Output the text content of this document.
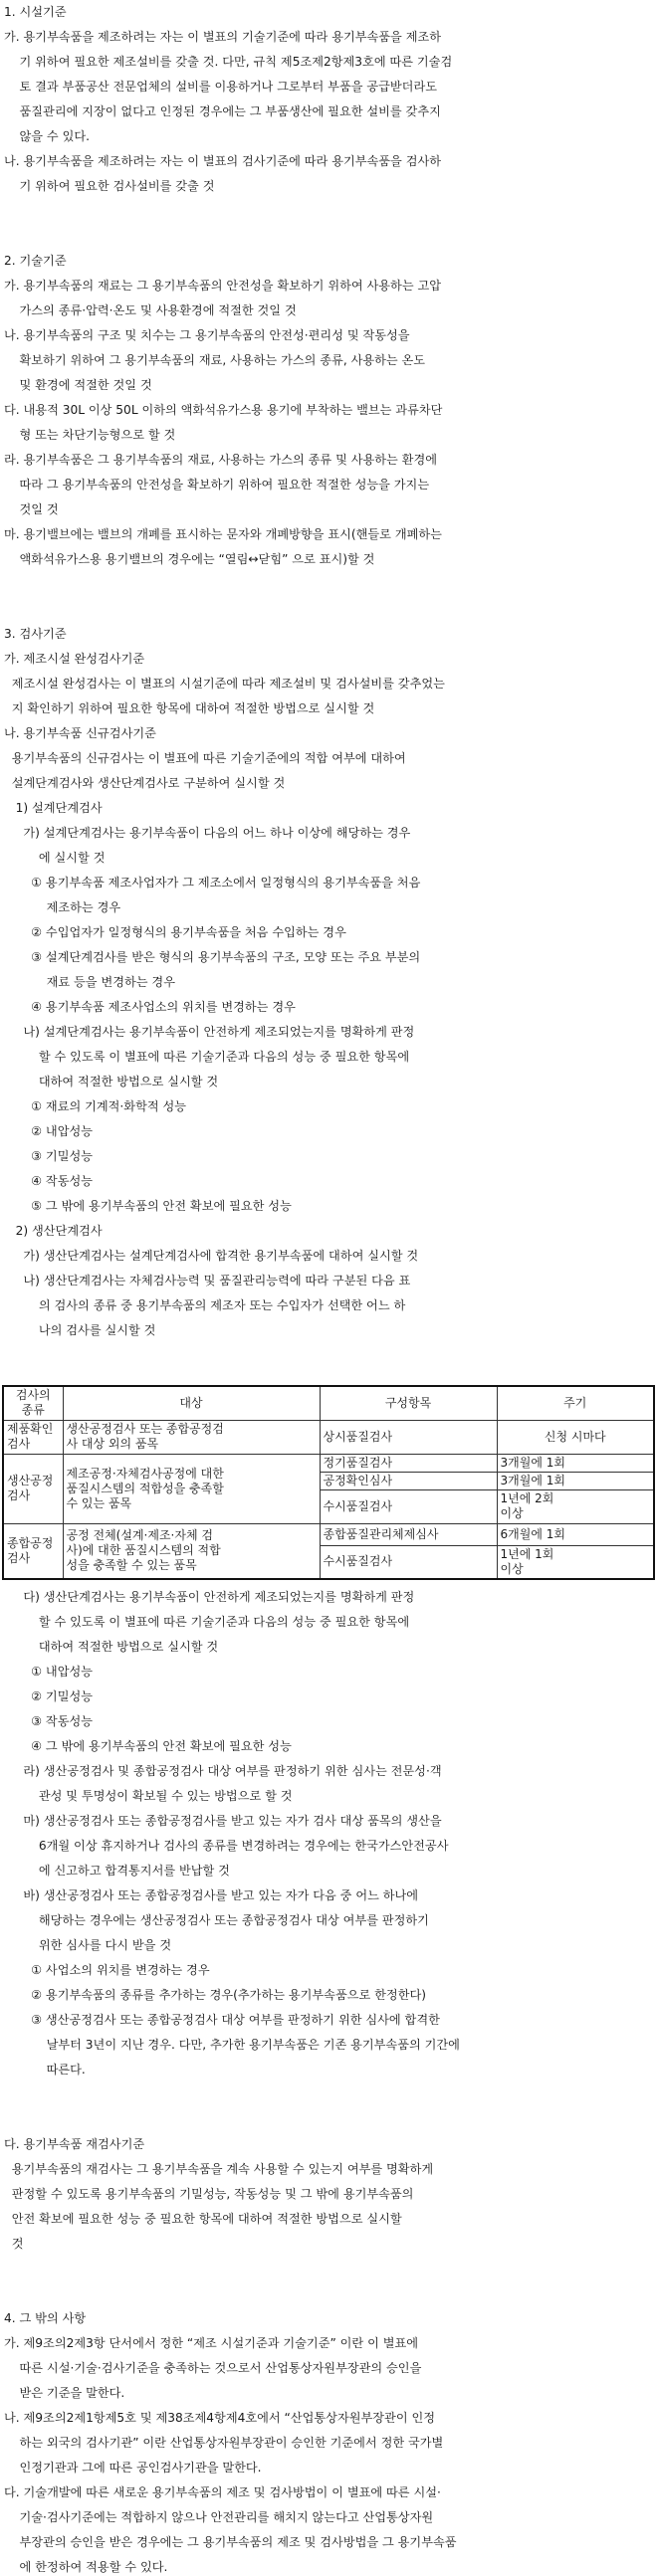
1. 시설기준
가. 용기부속품을 제조하려는 자는 이 별표의 기술기준에 따라 용기부속품을 제조하
기 위하여 필요한 제조설비를 갖출 것. 다만, 규칙 제5조제2항제3호에 따른 기술검
토 결과 부품공산 전문업체의 설비를 이용하거나 그로부터 부품을 공급받더라도
품질관리에 지장이 없다고 인정된 경우에는 그 부품생산에 필요한 설비를 갖추지
않을 수 있다.
나. 용기부속품을 제조하려는 자는 이 별표의 검사기준에 따라 용기부속품을 검사하
기 위하여 필요한 검사설비를 갖출 것
2. 기술기준
가. 용기부속품의 재료는 그 용기부속품의 안전성을 확보하기 위하여 사용하는 고압
가스의 종류·압력·온도 및 사용환경에 적절한 것일 것
나. 용기부속품의 구조 및 치수는 그 용기부속품의 안전성·편리성 및 작동성을
확보하기 위하여 그 용기부속품의 재료, 사용하는 가스의 종류, 사용하는 온도
및 환경에 적절한 것일 것
다. 내용적 30L 이상 50L 이하의 액화석유가스용 용기에 부착하는 밸브는 과류차단
형 또는 차단기능형으로 할 것
라. 용기부속품은 그 용기부속품의 재료, 사용하는 가스의 종류 및 사용하는 환경에
따라 그 용기부속품의 안전성을 확보하기 위하여 필요한 적절한 성능을 가지는
것일 것
마. 용기밸브에는 밸브의 개폐를 표시하는 문자와 개폐방향을 표시(핸들로 개폐하는
액화석유가스용 용기밸브의 경우에는 “열림↔닫힘” 으로 표시)할 것
3. 검사기준
가. 제조시설 완성검사기준
제조시설 완성검사는 이 별표의 시설기준에 따라 제조설비 및 검사설비를 갖추었는
지 확인하기 위하여 필요한 항목에 대하여 적절한 방법으로 실시할 것
나. 용기부속품 신규검사기준
용기부속품의 신규검사는 이 별표에 따른 기술기준에의 적합 여부에 대하여
설계단계검사와 생산단계검사로 구분하여 실시할 것
1) 설계단계검사
가) 설계단계검사는 용기부속품이 다음의 어느 하나 이상에 해당하는 경우
에 실시할 것
① 용기부속품 제조사업자가 그 제조소에서 일정형식의 용기부속품을 처음
제조하는 경우
② 수입업자가 일정형식의 용기부속품을 처음 수입하는 경우
③ 설계단계검사를 받은 형식의 용기부속품의 구조, 모양 또는 주요 부분의
재료 등을 변경하는 경우
④ 용기부속품 제조사업소의 위치를 변경하는 경우
나) 설계단계검사는 용기부속품이 안전하게 제조되었는지를 명확하게 판정
할 수 있도록 이 별표에 따른 기술기준과 다음의 성능 중 필요한 항목에
대하여 적절한 방법으로 실시할 것
① 재료의 기계적·화학적 성능
② 내압성능
③ 기밀성능
④ 작동성능
⑤ 그 밖에 용기부속품의 안전 확보에 필요한 성능
2) 생산단계검사
가) 생산단계검사는 설계단계검사에 합격한 용기부속품에 대하여 실시할 것
나) 생산단계검사는 자체검사능력 및 품질관리능력에 따라 구분된 다음 표
의 검사의 종류 중 용기부속품의 제조자 또는 수입자가 선택한 어느 하
나의 검사를 실시할 것
검사의
종류	대상	구성항목	주기
제품확인
검사	생산공정검사 또는 종합공정검
사 대상 외의 품목	상시품질검사	신청 시마다
생산공정
검사	제조공정·자체검사공정에 대한
품질시스템의 적합성을 충족할
수 있는 품목	정기품질검사	3개월에 1회
		공정확인심사	3개월에 1회
		수시품질검사	1년에 2회
이상
종합공정
검사	공정 전체(설계·제조·자체 검
사)에 대한 품질시스템의 적합
성을 충족할 수 있는 품목	종합품질관리체제심사	6개월에 1회
		수시품질검사	1년에 1회
이상
다) 생산단계검사는 용기부속품이 안전하게 제조되었는지를 명확하게 판정
할 수 있도록 이 별표에 따른 기술기준과 다음의 성능 중 필요한 항목에
대하여 적절한 방법으로 실시할 것
① 내압성능
② 기밀성능
③ 작동성능
④ 그 밖에 용기부속품의 안전 확보에 필요한 성능
라) 생산공정검사 및 종합공정검사 대상 여부를 판정하기 위한 심사는 전문성·객
관성 및 투명성이 확보될 수 있는 방법으로 할 것
마) 생산공정검사 또는 종합공정검사를 받고 있는 자가 검사 대상 품목의 생산을
6개월 이상 휴지하거나 검사의 종류를 변경하려는 경우에는 한국가스안전공사
에 신고하고 합격통지서를 반납할 것
바) 생산공정검사 또는 종합공정검사를 받고 있는 자가 다음 중 어느 하나에
해당하는 경우에는 생산공정검사 또는 종합공정검사 대상 여부를 판정하기
위한 심사를 다시 받을 것
① 사업소의 위치를 변경하는 경우
② 용기부속품의 종류를 추가하는 경우(추가하는 용기부속품으로 한정한다)
③ 생산공정검사 또는 종합공정검사 대상 여부를 판정하기 위한 심사에 합격한
날부터 3년이 지난 경우. 다만, 추가한 용기부속품은 기존 용기부속품의 기간에
따른다.
다. 용기부속품 재검사기준
용기부속품의 재검사는 그 용기부속품을 계속 사용할 수 있는지 여부를 명확하게
판정할 수 있도록 용기부속품의 기밀성능, 작동성능 및 그 밖에 용기부속품의
안전 확보에 필요한 성능 중 필요한 항목에 대하여 적절한 방법으로 실시할
것
4. 그 밖의 사항
가. 제9조의2제3항 단서에서 정한 “제조 시설기준과 기술기준” 이란 이 별표에
따른 시설·기술·검사기준을 충족하는 것으로서 산업통상자원부장관의 승인을
받은 기준을 말한다.
나. 제9조의2제1항제5호 및 제38조제4항제4호에서 “산업통상자원부장관이 인정
하는 외국의 검사기관” 이란 산업통상자원부장관이 승인한 기준에서 정한 국가별
인정기관과 그에 따른 공인검사기관을 말한다.
다. 기술개발에 따른 새로운 용기부속품의 제조 및 검사방법이 이 별표에 따른 시설·
기술·검사기준에는 적합하지 않으나 안전관리를 해치지 않는다고 산업통상자원
부장관의 승인을 받은 경우에는 그 용기부속품의 제조 및 검사방법을 그 용기부속품
에 한정하여 적용할 수 있다.
